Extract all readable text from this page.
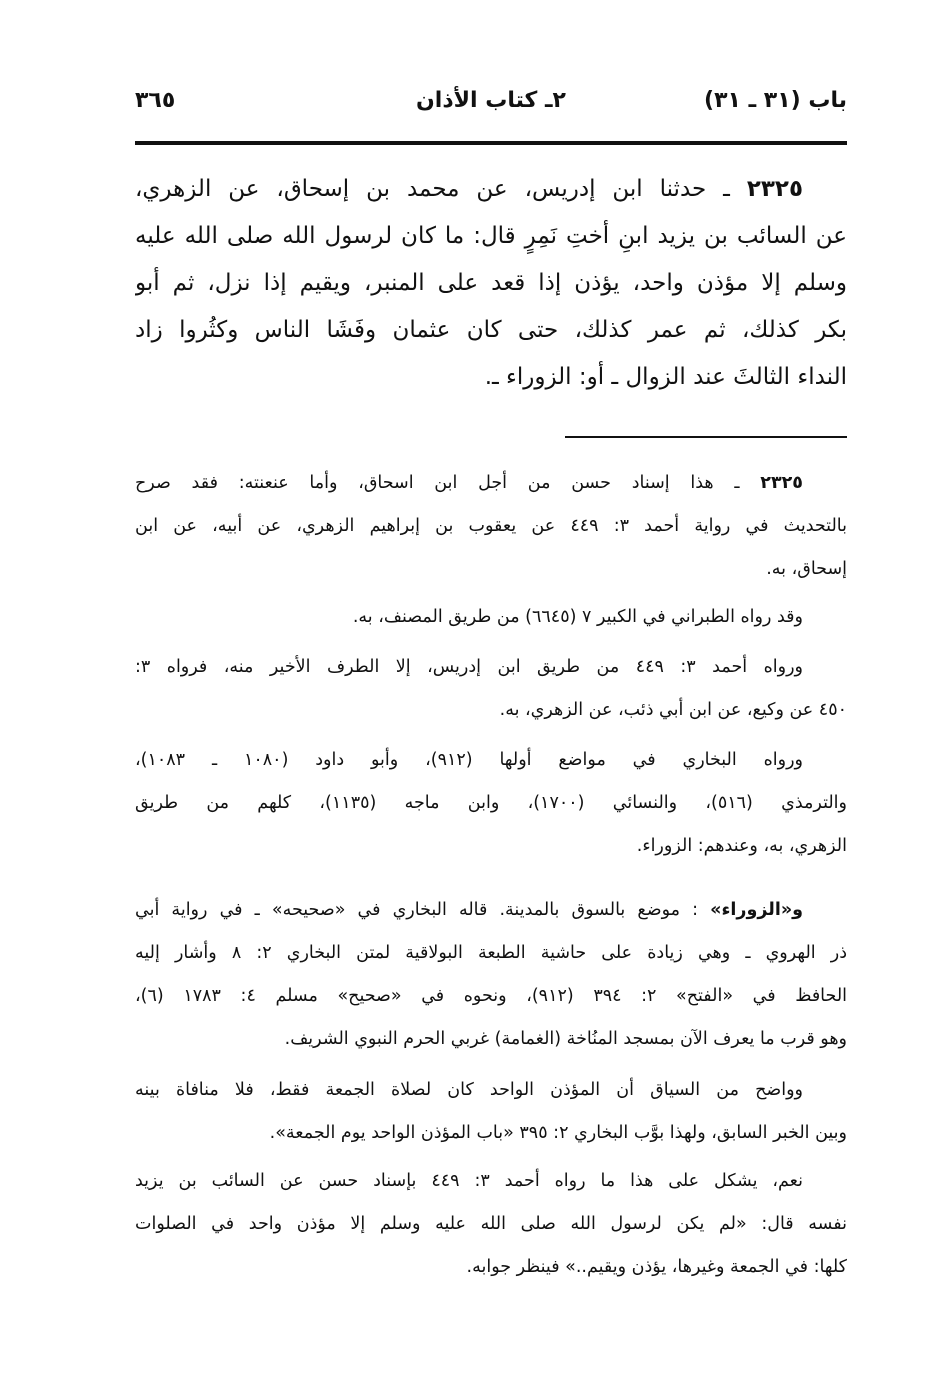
باب (٣١ ـ ٣١)
٢ـ كتاب الأذان
٣٦٥
٢٣٢٥ ـ حدثنا ابن إدريس، عن محمد بن إسحاق، عن الزهري،
عن السائب بن يزيد ابنِ أختِ نَمِرٍ قال: ما كان لرسول الله صلى الله عليه
وسلم إلا مؤذن واحد، يؤذن إذا قعد على المنبر، ويقيم إذا نزل، ثم أبو
بكر كذلك، ثم عمر كذلك، حتى كان عثمان وفَشَا الناس وكثُروا زاد
النداء الثالثَ عند الزوال ـ أو: الزوراء ـ.
٢٣٢٥ ـ هذا إسناد حسن من أجل ابن اسحاق، وأما عنعنته: فقد صرح
بالتحديث في رواية أحمد ٣: ٤٤٩ عن يعقوب بن إبراهيم الزهري، عن أبيه، عن ابن
إسحاق، به.
وقد رواه الطبراني في الكبير ٧ (٦٦٤٥) من طريق المصنف، به.
ورواه أحمد ٣: ٤٤٩ من طريق ابن إدريس، إلا الطرف الأخير منه، فرواه ٣:
٤٥٠ عن وكيع، عن ابن أبي ذئب، عن الزهري، به.
ورواه البخاري في مواضع أولها (٩١٢)، وأبو داود (١٠٨٠ ـ ١٠٨٣)،
والترمذي (٥١٦)، والنسائي (١٧٠٠)، وابن ماجه (١١٣٥)، كلهم من طريق
الزهري، به، وعندهم: الزوراء.
و«الزوراء» : موضع بالسوق بالمدينة. قاله البخاري في «صحيحه» ـ في رواية أبي
ذر الهروي ـ وهي زيادة على حاشية الطبعة البولاقية لمتن البخاري ٢: ٨ وأشار إليه
الحافظ في «الفتح» ٢: ٣٩٤ (٩١٢)، ونحوه في «صحيح» مسلم ٤: ١٧٨٣ (٦)،
وهو قرب ما يعرف الآن بمسجد المنُاخة (الغمامة) غربي الحرم النبوي الشريف.
وواضح من السياق أن المؤذن الواحد كان لصلاة الجمعة فقط، فلا منافاة بينه
وبين الخبر السابق، ولهذا بوَّب البخاري ٢: ٣٩٥ «باب المؤذن الواحد يوم الجمعة».
نعم، يشكل على هذا ما رواه أحمد ٣: ٤٤٩ بإسناد حسن عن السائب بن يزيد
نفسه قال: «لم يكن لرسول الله صلى الله عليه وسلم إلا مؤذن واحد في الصلوات
كلها: في الجمعة وغيرها، يؤذن ويقيم..» فينظر جوابه.
